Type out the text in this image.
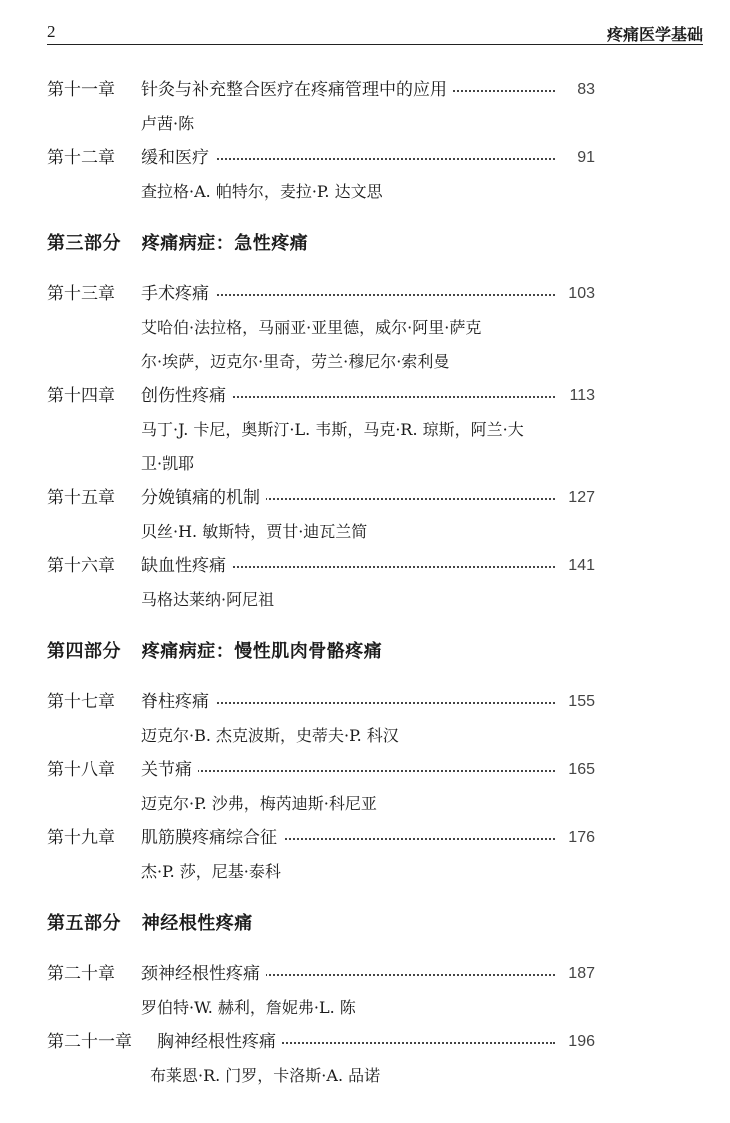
2	疼痛医学基础
第十一章 针灸与补充整合医疗在疼痛管理中的应用	83
卢茜·陈
第十二章 缓和医疗	91
查拉格·A. 帕特尔，麦拉·P. 达文思
第三部分 疼痛病症：急性疼痛
第十三章 手术疼痛	103
艾哈伯·法拉格，马丽亚·亚里德，威尔·阿里·萨克
尔·埃萨，迈克尔·里奇，劳兰·穆尼尔·索利曼
第十四章 创伤性疼痛	113
马丁·J. 卡尼，奥斯汀·L. 韦斯，马克·R. 琼斯，阿兰·大
卫·凯耶
第十五章 分娩镇痛的机制	127
贝丝·H. 敏斯特，贾甘·迪瓦兰简
第十六章 缺血性疼痛	141
马格达莱纳·阿尼祖
第四部分 疼痛病症：慢性肌肉骨骼疼痛
第十七章 脊柱疼痛	155
迈克尔·B. 杰克波斯，史蒂夫·P. 科汉
第十八章 关节痛	165
迈克尔·P. 沙弗，梅芮迪斯·科尼亚
第十九章 肌筋膜疼痛综合征	176
杰·P. 莎，尼基·泰科
第五部分 神经根性疼痛
第二十章 颈神经根性疼痛	187
罗伯特·W. 赫利，詹妮弗·L. 陈
第二十一章 胸神经根性疼痛	196
布莱恩·R. 门罗，卡洛斯·A. 品诺
